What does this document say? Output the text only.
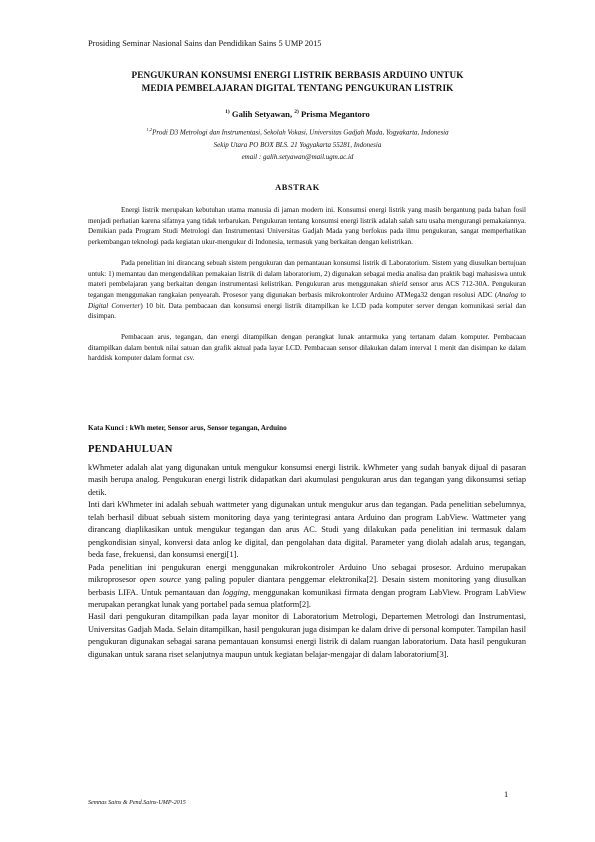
Prosiding Seminar Nasional Sains dan Pendidikan Sains 5 UMP 2015
PENGUKURAN KONSUMSI ENERGI LISTRIK BERBASIS ARDUINO UNTUK
MEDIA PEMBELAJARAN DIGITAL TENTANG PENGUKURAN LISTRIK
$^{1)}$ Galih Setyawan, $^{2)}$ Prisma Megantoro
$^{1,2}$Prodi D3 Metrologi dan Instrumentasi, Sekolah Vokasi, Universitas Gadjah Mada, Yogyakarta, Indonesia
Sekip Utara PO BOX BLS. 21 Yogyakarta 55281, Indonesia
email : galih.setyawan@mail.ugm.ac.id
ABSTRAK

Energi listrik merupakan kebutuhan utama manusia di jaman modern ini. Konsumsi energi listrik yang masih bergantung pada bahan fosil menjadi perhatian karena sifatnya yang tidak terbarukan. Pengukuran tentang konsumsi energi listrik adalah salah satu usaha mengurangi pemakaiannya. Demikian pada Program Studi Metrologi dan Instrumentasi Universitas Gadjah Mada yang berfokus pada ilmu pengukuran, sangat memperhatikan perkembangan teknologi pada kegiatan ukur-mengukur di Indonesia, termasuk yang berkaitan dengan kelistrikan.

Pada penelitian ini dirancang sebuah sistem pengukuran dan pemantauan konsumsi listrik di Laboratorium. Sistem yang diusulkan bertujuan untuk: 1) memantau dan mengendalikan pemakaian listrik di dalam laboratorium, 2) digunakan sebagai media analisa dan praktik bagi mahasiswa untuk materi pembelajaran yang berkaitan dengan instrumentasi kelistrikan. Pengukuran arus menggunakan shield sensor arus ACS 712-30A. Pengukuran tegangan menggunakan rangkaian penyearah. Prosesor yang digunakan berbasis mikrokontroler Arduino ATMega32 dengan resolusi ADC (Analog to Digital Converter) 10 bit. Data pembacaan dan konsumsi energi listrik ditampilkan ke LCD pada komputer server dengan komunikasi serial dan disimpan.

Pembacaan arus, tegangan, dan energi ditampilkan dengan perangkat lunak antarmuka yang tertanam dalam komputer. Pembacaan ditampilkan dalam bentuk nilai satuan dan grafik aktual pada layar LCD. Pembacaan sensor dilakukan dalam interval 1 menit dan disimpan ke dalam harddisk komputer dalam format csv.

Kata Kunci : kWh meter, Sensor arus, Sensor tegangan, Arduino
PENDAHULUAN

kWhmeter adalah alat yang digunakan untuk mengukur konsumsi energi listrik. kWhmeter yang sudah banyak dijual di pasaran masih berupa analog. Pengukuran energi listrik didapatkan dari akumulasi pengukuran arus dan tegangan yang dikonsumsi setiap detik.

Inti dari kWhmeter ini adalah sebuah wattmeter yang digunakan untuk mengukur arus dan tegangan. Pada penelitian sebelumnya, telah berhasil dibuat sebuah sistem monitoring daya yang terintegrasi antara Arduino dan program LabView. Wattmeter yang dirancang diaplikasikan untuk mengukur tegangan dan arus AC. Studi yang dilakukan pada penelitian ini termasuk dalam pengkondisian sinyal, konversi data anlog ke digital, dan pengolahan data digital. Parameter yang diolah adalah arus, tegangan, beda fase, frekuensi, dan konsumsi energi[1].

Pada penelitian ini pengukuran energi menggunakan mikrokontroler Arduino Uno sebagai prosesor. Arduino merupakan mikroprosesor open source yang paling populer diantara penggemar elektronika[2]. Desain sistem monitoring yang diusulkan berbasis LIFA. Untuk pemantauan dan logging, menggunakan komunikasi firmata dengan program LabView. Program LabView merupakan perangkat lunak yang portabel pada semua platform[2].

Hasil dari pengukuran ditampilkan pada layar monitor di Laboratorium Metrologi, Departemen Metrologi dan Instrumentasi, Universitas Gadjah Mada. Selain ditampilkan, hasil pengukuran juga disimpan ke dalam drive di personal komputer. Tampilan hasil pengukuran digunakan sebagai sarana pemantauan konsumsi energi listrik di dalam ruangan laboratorium. Data hasil pengukuran digunakan untuk sarana riset selanjutnya maupun untuk kegiatan belajar-mengajar di dalam laboratorium[3].

1
Semnas Sains & Pend.Sains-UMP-2015
